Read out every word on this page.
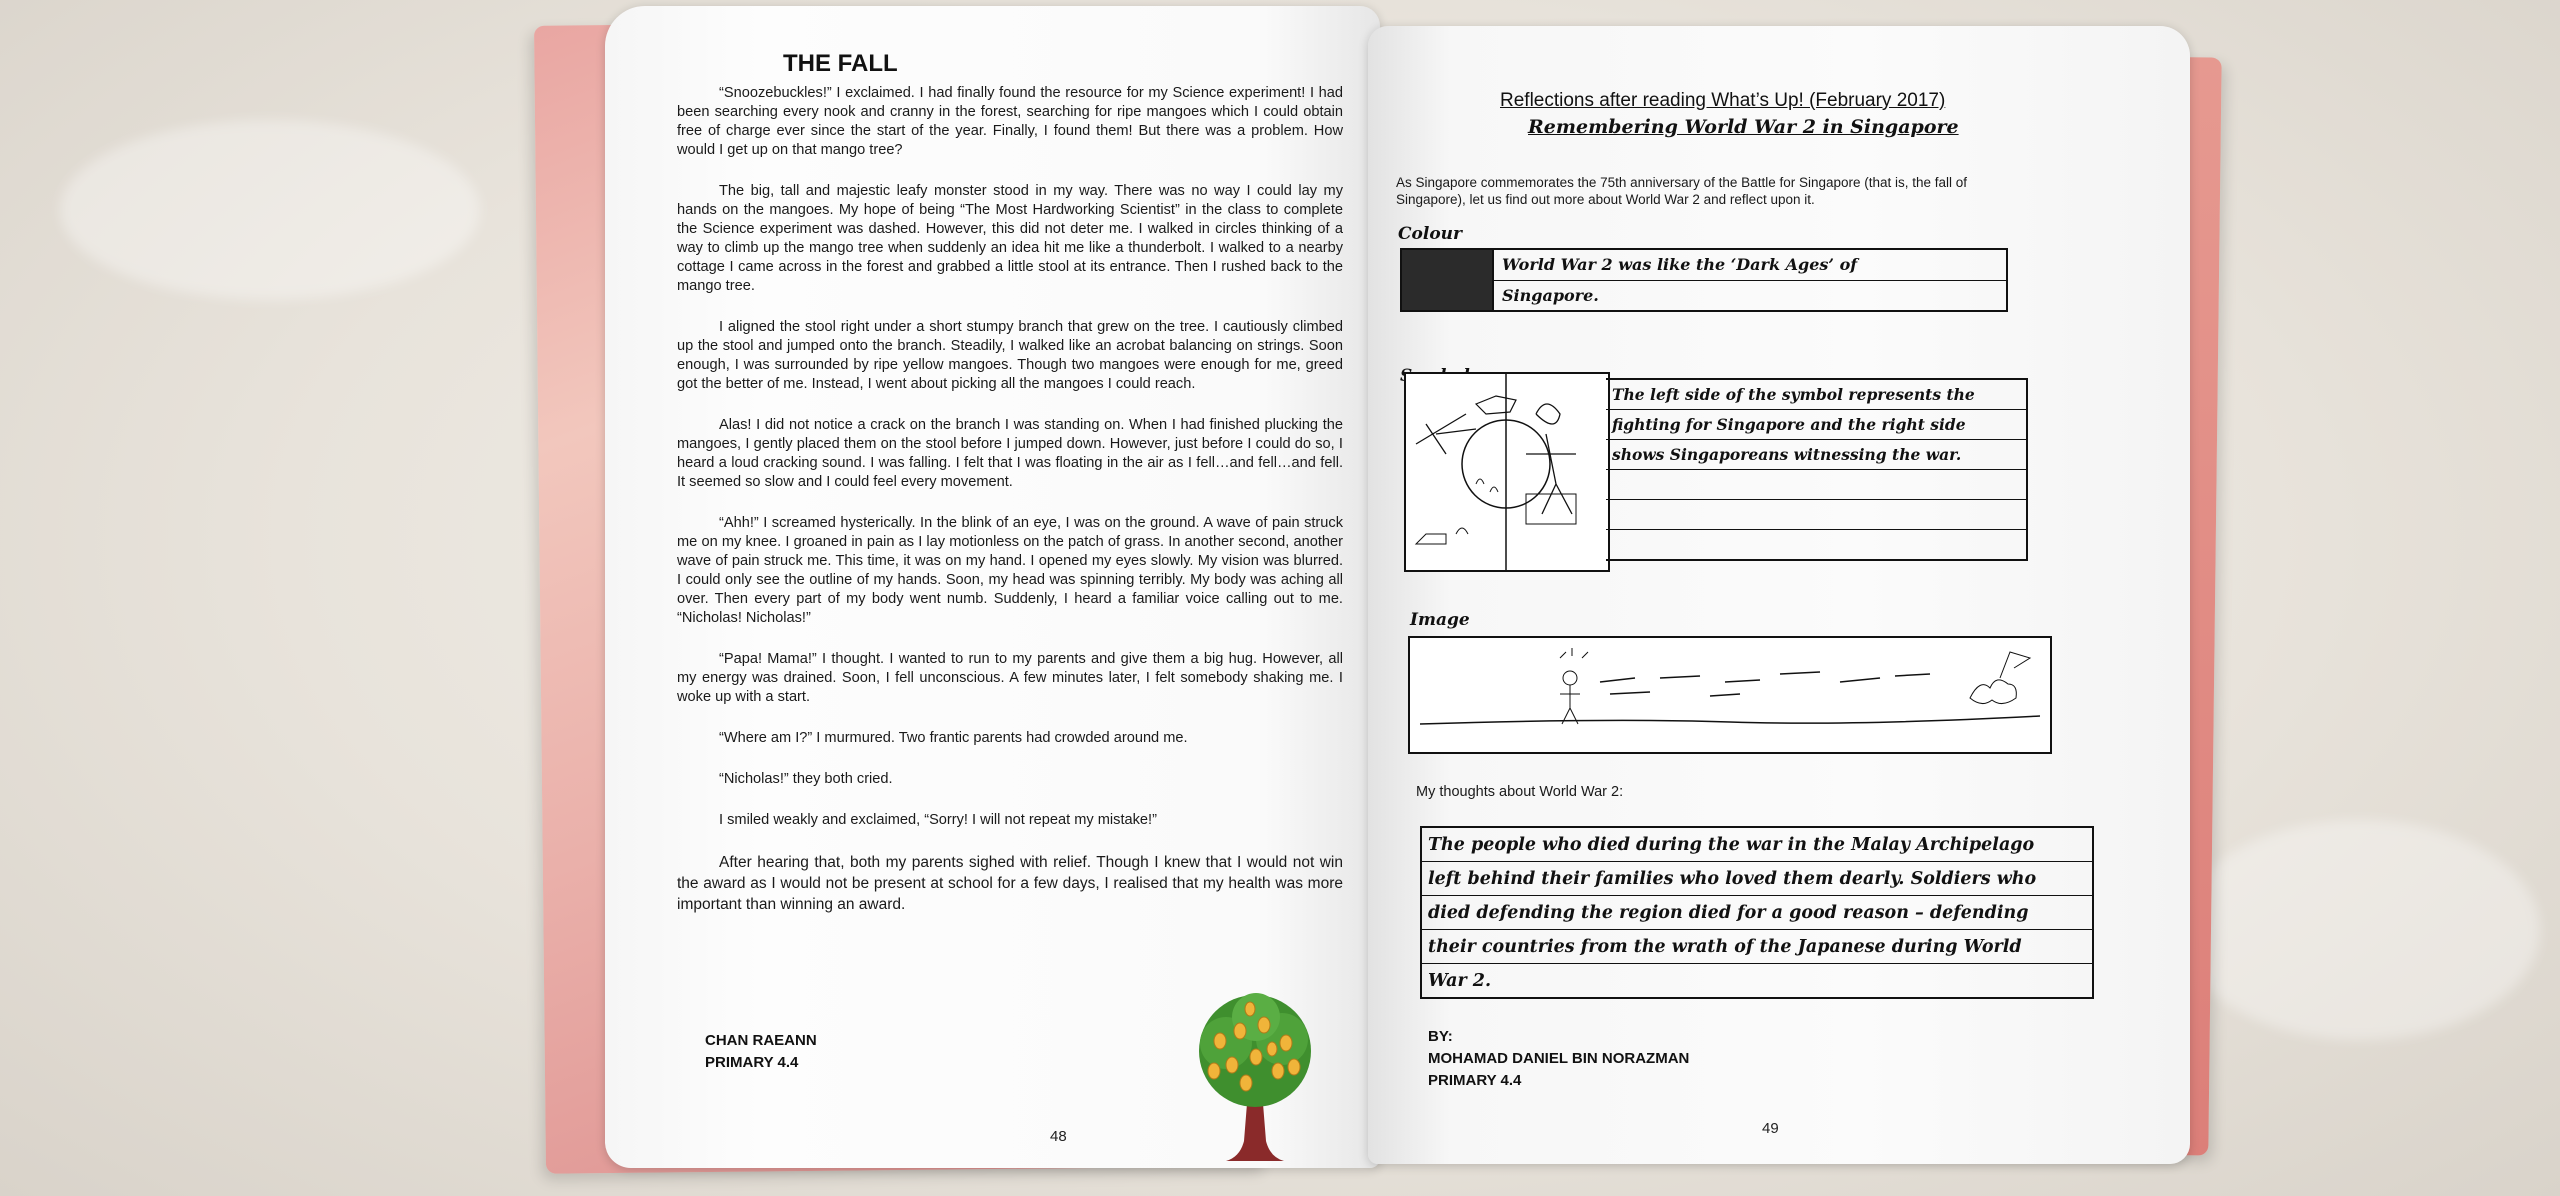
THE FALL

“Snoozebuckles!” I exclaimed. I had finally found the resource for my Science experiment! I had been searching every nook and cranny in the forest, searching for ripe mangoes which I could obtain free of charge ever since the start of the year. Finally, I found them! But there was a problem. How would I get up on that mango tree?

The big, tall and majestic leafy monster stood in my way. There was no way I could lay my hands on the mangoes. My hope of being “The Most Hardworking Scientist” in the class to complete the Science experiment was dashed. However, this did not deter me. I walked in circles thinking of a way to climb up the mango tree when suddenly an idea hit me like a thunderbolt. I walked to a nearby cottage I came across in the forest and grabbed a little stool at its entrance. Then I rushed back to the mango tree.

I aligned the stool right under a short stumpy branch that grew on the tree. I cautiously climbed up the stool and jumped onto the branch. Steadily, I walked like an acrobat balancing on strings. Soon enough, I was surrounded by ripe yellow mangoes. Though two mangoes were enough for me, greed got the better of me. Instead, I went about picking all the mangoes I could reach.

Alas! I did not notice a crack on the branch I was standing on. When I had finished plucking the mangoes, I gently placed them on the stool before I jumped down. However, just before I could do so, I heard a loud cracking sound. I was falling. I felt that I was floating in the air as I fell…and fell…and fell. It seemed so slow and I could feel every movement.

“Ahh!” I screamed hysterically. In the blink of an eye, I was on the ground. A wave of pain struck me on my knee. I groaned in pain as I lay motionless on the patch of grass. In another second, another wave of pain struck me. This time, it was on my hand. I opened my eyes slowly. My vision was blurred. I could only see the outline of my hands. Soon, my head was spinning terribly. My body was aching all over. Then every part of my body went numb. Suddenly, I heard a familiar voice calling out to me. “Nicholas! Nicholas!”

“Papa! Mama!” I thought. I wanted to run to my parents and give them a big hug. However, all my energy was drained. Soon, I fell unconscious. A few minutes later, I felt somebody shaking me. I woke up with a start.

“Where am I?” I murmured. Two frantic parents had crowded around me.

“Nicholas!” they both cried.

I smiled weakly and exclaimed, “Sorry! I will not repeat my mistake!”

After hearing that, both my parents sighed with relief. Though I knew that I would not win the award as I would not be present at school for a few days, I realised that my health was more important than winning an award.

CHAN RAEANN
PRIMARY 4.4
48
Reflections after reading What’s Up! (February 2017)
Remembering World War 2 in Singapore
As Singapore commemorates the 75th anniversary of the Battle for Singapore (that is, the fall of Singapore), let us find out more about World War 2 and reflect upon it.
Colour
World War 2 was like the ‘Dark Ages’ of
Singapore.
Symbol
The left side of the symbol represents the
fighting for Singapore and the right side
shows Singaporeans witnessing the war.
Image
My thoughts about World War 2:
The people who died during the war in the Malay Archipelago
left behind their families who loved them dearly. Soldiers who
died defending the region died for a good reason – defending
their countries from the wrath of the Japanese during World
War 2.
BY:
MOHAMAD DANIEL BIN NORAZMAN
PRIMARY 4.4
49
